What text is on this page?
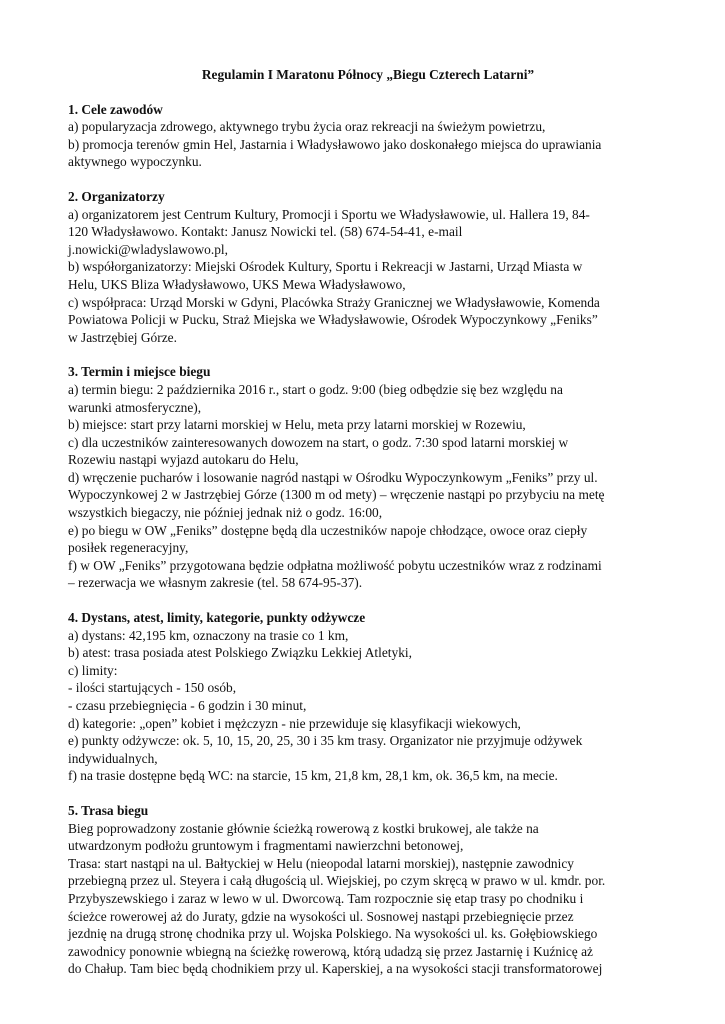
Regulamin I Maratonu Północy „Biegu Czterech Latarni”
1. Cele zawodów
a) popularyzacja zdrowego, aktywnego trybu życia oraz rekreacji na świeżym powietrzu,
b) promocja terenów gmin Hel, Jastarnia i Władysławowo jako doskonałego miejsca do uprawiania
aktywnego wypoczynku.
2. Organizatorzy
a) organizatorem jest Centrum Kultury, Promocji i Sportu we Władysławowie, ul. Hallera 19, 84-
120 Władysławowo. Kontakt: Janusz Nowicki tel. (58) 674-54-41, e-mail
j.nowicki@wladyslawowo.pl,
b) współorganizatorzy: Miejski Ośrodek Kultury, Sportu i Rekreacji w Jastarni, Urząd Miasta w
Helu, UKS Bliza Władysławowo, UKS Mewa Władysławowo,
c) współpraca: Urząd Morski w Gdyni, Placówka Straży Granicznej we Władysławowie, Komenda
Powiatowa Policji w Pucku, Straż Miejska we Władysławowie, Ośrodek Wypoczynkowy „Feniks”
w Jastrzębiej Górze.
3. Termin i miejsce biegu
a) termin biegu: 2 października 2016 r., start o godz. 9:00 (bieg odbędzie się bez względu na
warunki atmosferyczne),
b) miejsce: start przy latarni morskiej w Helu, meta przy latarni morskiej w Rozewiu,
c) dla uczestników zainteresowanych dowozem na start, o godz. 7:30 spod latarni morskiej w
Rozewiu nastąpi wyjazd autokaru do Helu,
d) wręczenie pucharów i losowanie nagród nastąpi w Ośrodku Wypoczynkowym „Feniks” przy ul.
Wypoczynkowej 2 w Jastrzębiej Górze (1300 m od mety) – wręczenie nastąpi po przybyciu na metę
wszystkich biegaczy, nie później jednak niż o godz. 16:00,
e) po biegu w OW „Feniks” dostępne będą dla uczestników napoje chłodzące, owoce oraz ciepły
posiłek regeneracyjny,
f) w OW „Feniks” przygotowana będzie odpłatna możliwość pobytu uczestników wraz z rodzinami
– rezerwacja we własnym zakresie (tel. 58 674-95-37).
4. Dystans, atest, limity, kategorie, punkty odżywcze
a) dystans: 42,195 km, oznaczony na trasie co 1 km,
b) atest: trasa posiada atest Polskiego Związku Lekkiej Atletyki,
c) limity:
- ilości startujących - 150 osób,
- czasu przebiegnięcia - 6 godzin i 30 minut,
d) kategorie: „open” kobiet i mężczyzn - nie przewiduje się klasyfikacji wiekowych,
e) punkty odżywcze: ok. 5, 10, 15, 20, 25, 30 i 35 km trasy. Organizator nie przyjmuje odżywek
indywidualnych,
f) na trasie dostępne będą WC: na starcie, 15 km, 21,8 km, 28,1 km, ok. 36,5 km, na mecie.
5. Trasa biegu
Bieg poprowadzony zostanie głównie ścieżką rowerową z kostki brukowej, ale także na
utwardzonym podłożu gruntowym i fragmentami nawierzchni betonowej,
Trasa: start nastąpi na ul. Bałtyckiej w Helu (nieopodal latarni morskiej), następnie zawodnicy
przebiegną przez ul. Steyera i całą długością ul. Wiejskiej, po czym skręcą w prawo w ul. kmdr. por.
Przybyszewskiego i zaraz w lewo w ul. Dworcową. Tam rozpocznie się etap trasy po chodniku i
ścieżce rowerowej aż do Juraty, gdzie na wysokości ul. Sosnowej nastąpi przebiegnięcie przez
jezdnię na drugą stronę chodnika przy ul. Wojska Polskiego. Na wysokości ul. ks. Gołębiowskiego
zawodnicy ponownie wbiegną na ścieżkę rowerową, którą udadzą się przez Jastarnię i Kuźnicę aż
do Chałup. Tam biec będą chodnikiem przy ul. Kaperskiej, a na wysokości stacji transformatorowej
